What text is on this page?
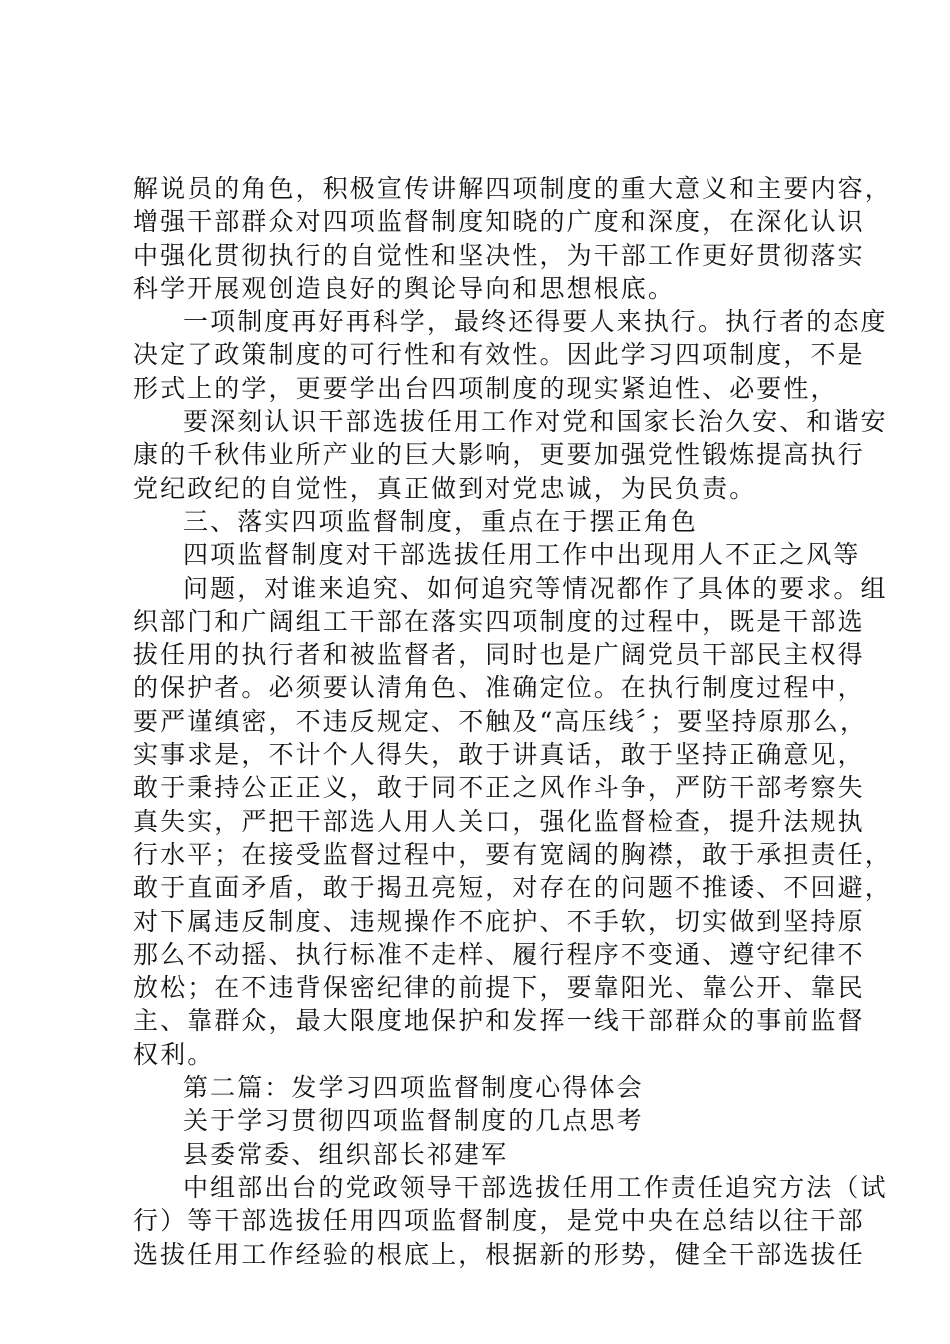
解说员的角色，积极宣传讲解四项制度的重大意义和主要内容，
增强干部群众对四项监督制度知晓的广度和深度，在深化认识
中强化贯彻执行的自觉性和坚决性，为干部工作更好贯彻落实
科学开展观创造良好的舆论导向和思想根底。
一项制度再好再科学，最终还得要人来执行。执行者的态度
决定了政策制度的可行性和有效性。因此学习四项制度，不是
形式上的学，更要学出台四项制度的现实紧迫性、必要性，
要深刻认识干部选拔任用工作对党和国家长治久安、和谐安
康的千秋伟业所产业的巨大影响，更要加强党性锻炼提高执行
党纪政纪的自觉性，真正做到对党忠诚，为民负责。
三、落实四项监督制度，重点在于摆正角色
四项监督制度对干部选拔任用工作中出现用人不正之风等
问题，对谁来追究、如何追究等情况都作了具体的要求。组
织部门和广阔组工干部在落实四项制度的过程中，既是干部选
拔任用的执行者和被监督者，同时也是广阔党员干部民主权得
的保护者。必须要认清角色、准确定位。在执行制度过程中，
要严谨缜密，不违反规定、不触及“高压线〞；要坚持原那么，
实事求是，不计个人得失，敢于讲真话，敢于坚持正确意见，
敢于秉持公正正义，敢于同不正之风作斗争，严防干部考察失
真失实，严把干部选人用人关口，强化监督检查，提升法规执
行水平；在接受监督过程中，要有宽阔的胸襟，敢于承担责任，
敢于直面矛盾，敢于揭丑亮短，对存在的问题不推诿、不回避，
对下属违反制度、违规操作不庇护、不手软，切实做到坚持原
那么不动摇、执行标准不走样、履行程序不变通、遵守纪律不
放松；在不违背保密纪律的前提下，要靠阳光、靠公开、靠民
主、靠群众，最大限度地保护和发挥一线干部群众的事前监督
权利。
第二篇：发学习四项监督制度心得体会
关于学习贯彻四项监督制度的几点思考
县委常委、组织部长祁建军
中组部出台的党政领导干部选拔任用工作责任追究方法（试
行）等干部选拔任用四项监督制度，是党中央在总结以往干部
选拔任用工作经验的根底上，根据新的形势，健全干部选拔任
